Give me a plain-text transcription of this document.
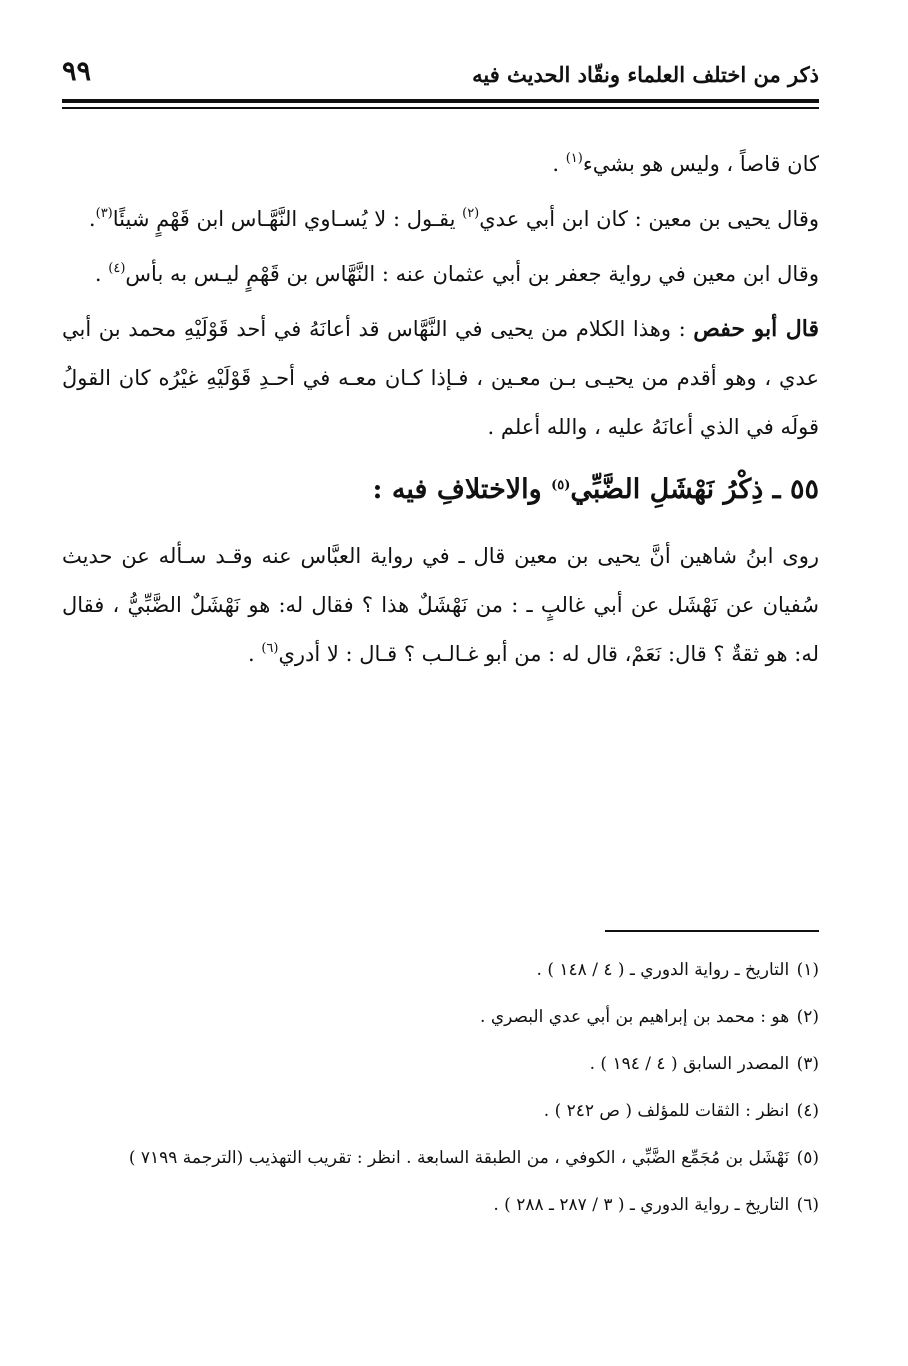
ذكر من اختلف العلماء ونقّاد الحديث فيه
٩٩

كان قاصاً ، وليس هو بشيء$^{(١)}$ .

وقال يحيى بن معين : كان ابن أبي عدي$^{(٢)}$ يقـول : لا يُسـاوي النَّهَّـاس ابن قَهْمٍ شيئًا$^{(٣)}$.

وقال ابن معين في رواية جعفر بن أبي عثمان عنه : النَّهَّاس بن قَهْمٍ ليـس به بأس$^{(٤)}$ .

قال أبو حفص : وهذا الكلام من يحيى في النَّهَّاس قد أعانَهُ في أحد قَوْلَيْهِ محمد بن أبي عدي ، وهو أقدم من يحيـى بـن معـين ، فـإذا كـان معـه في أحـدِ قَوْلَيْهِ غيْرُه كان القولُ قولَه في الذي أعانَهُ عليه ، والله أعلم .

٥٥ ـ ذِكْرُ نَهْشَلِ الضَّبِّي$^{(٥)}$ والاختلافِ فيه :

روى ابنُ شاهين أنَّ يحيى بن معين قال ـ في رواية العبَّاس عنه وقـد سـأله عن حديث سُفيان عن نَهْشَل عن أبي غالبٍ ـ : من نَهْشَلٌ هذا ؟ فقال له: هو نَهْشَلٌ الضَّبِّيُّ ، فقال له: هو ثقةٌ ؟ قال: نَعَمْ، قال له : من أبو غـالـب ؟ قـال : لا أدري$^{(٦)}$ .

(١) التاريخ ـ رواية الدوري ـ ( ٤ / ١٤٨ ) .

(٢) هو : محمد بن إبراهيم بن أبي عدي البصري .

(٣) المصدر السابق ( ٤ / ١٩٤ ) .

(٤) انظر : الثقات للمؤلف ( ص ٢٤٢ ) .

(٥) نَهْشَل بن مُجَمِّع الضَّبِّي ، الكوفي ، من الطبقة السابعة . انظر : تقريب التهذيب (الترجمة ٧١٩٩ )

(٦) التاريخ ـ رواية الدوري ـ ( ٣ / ٢٨٧ ـ ٢٨٨ ) .
